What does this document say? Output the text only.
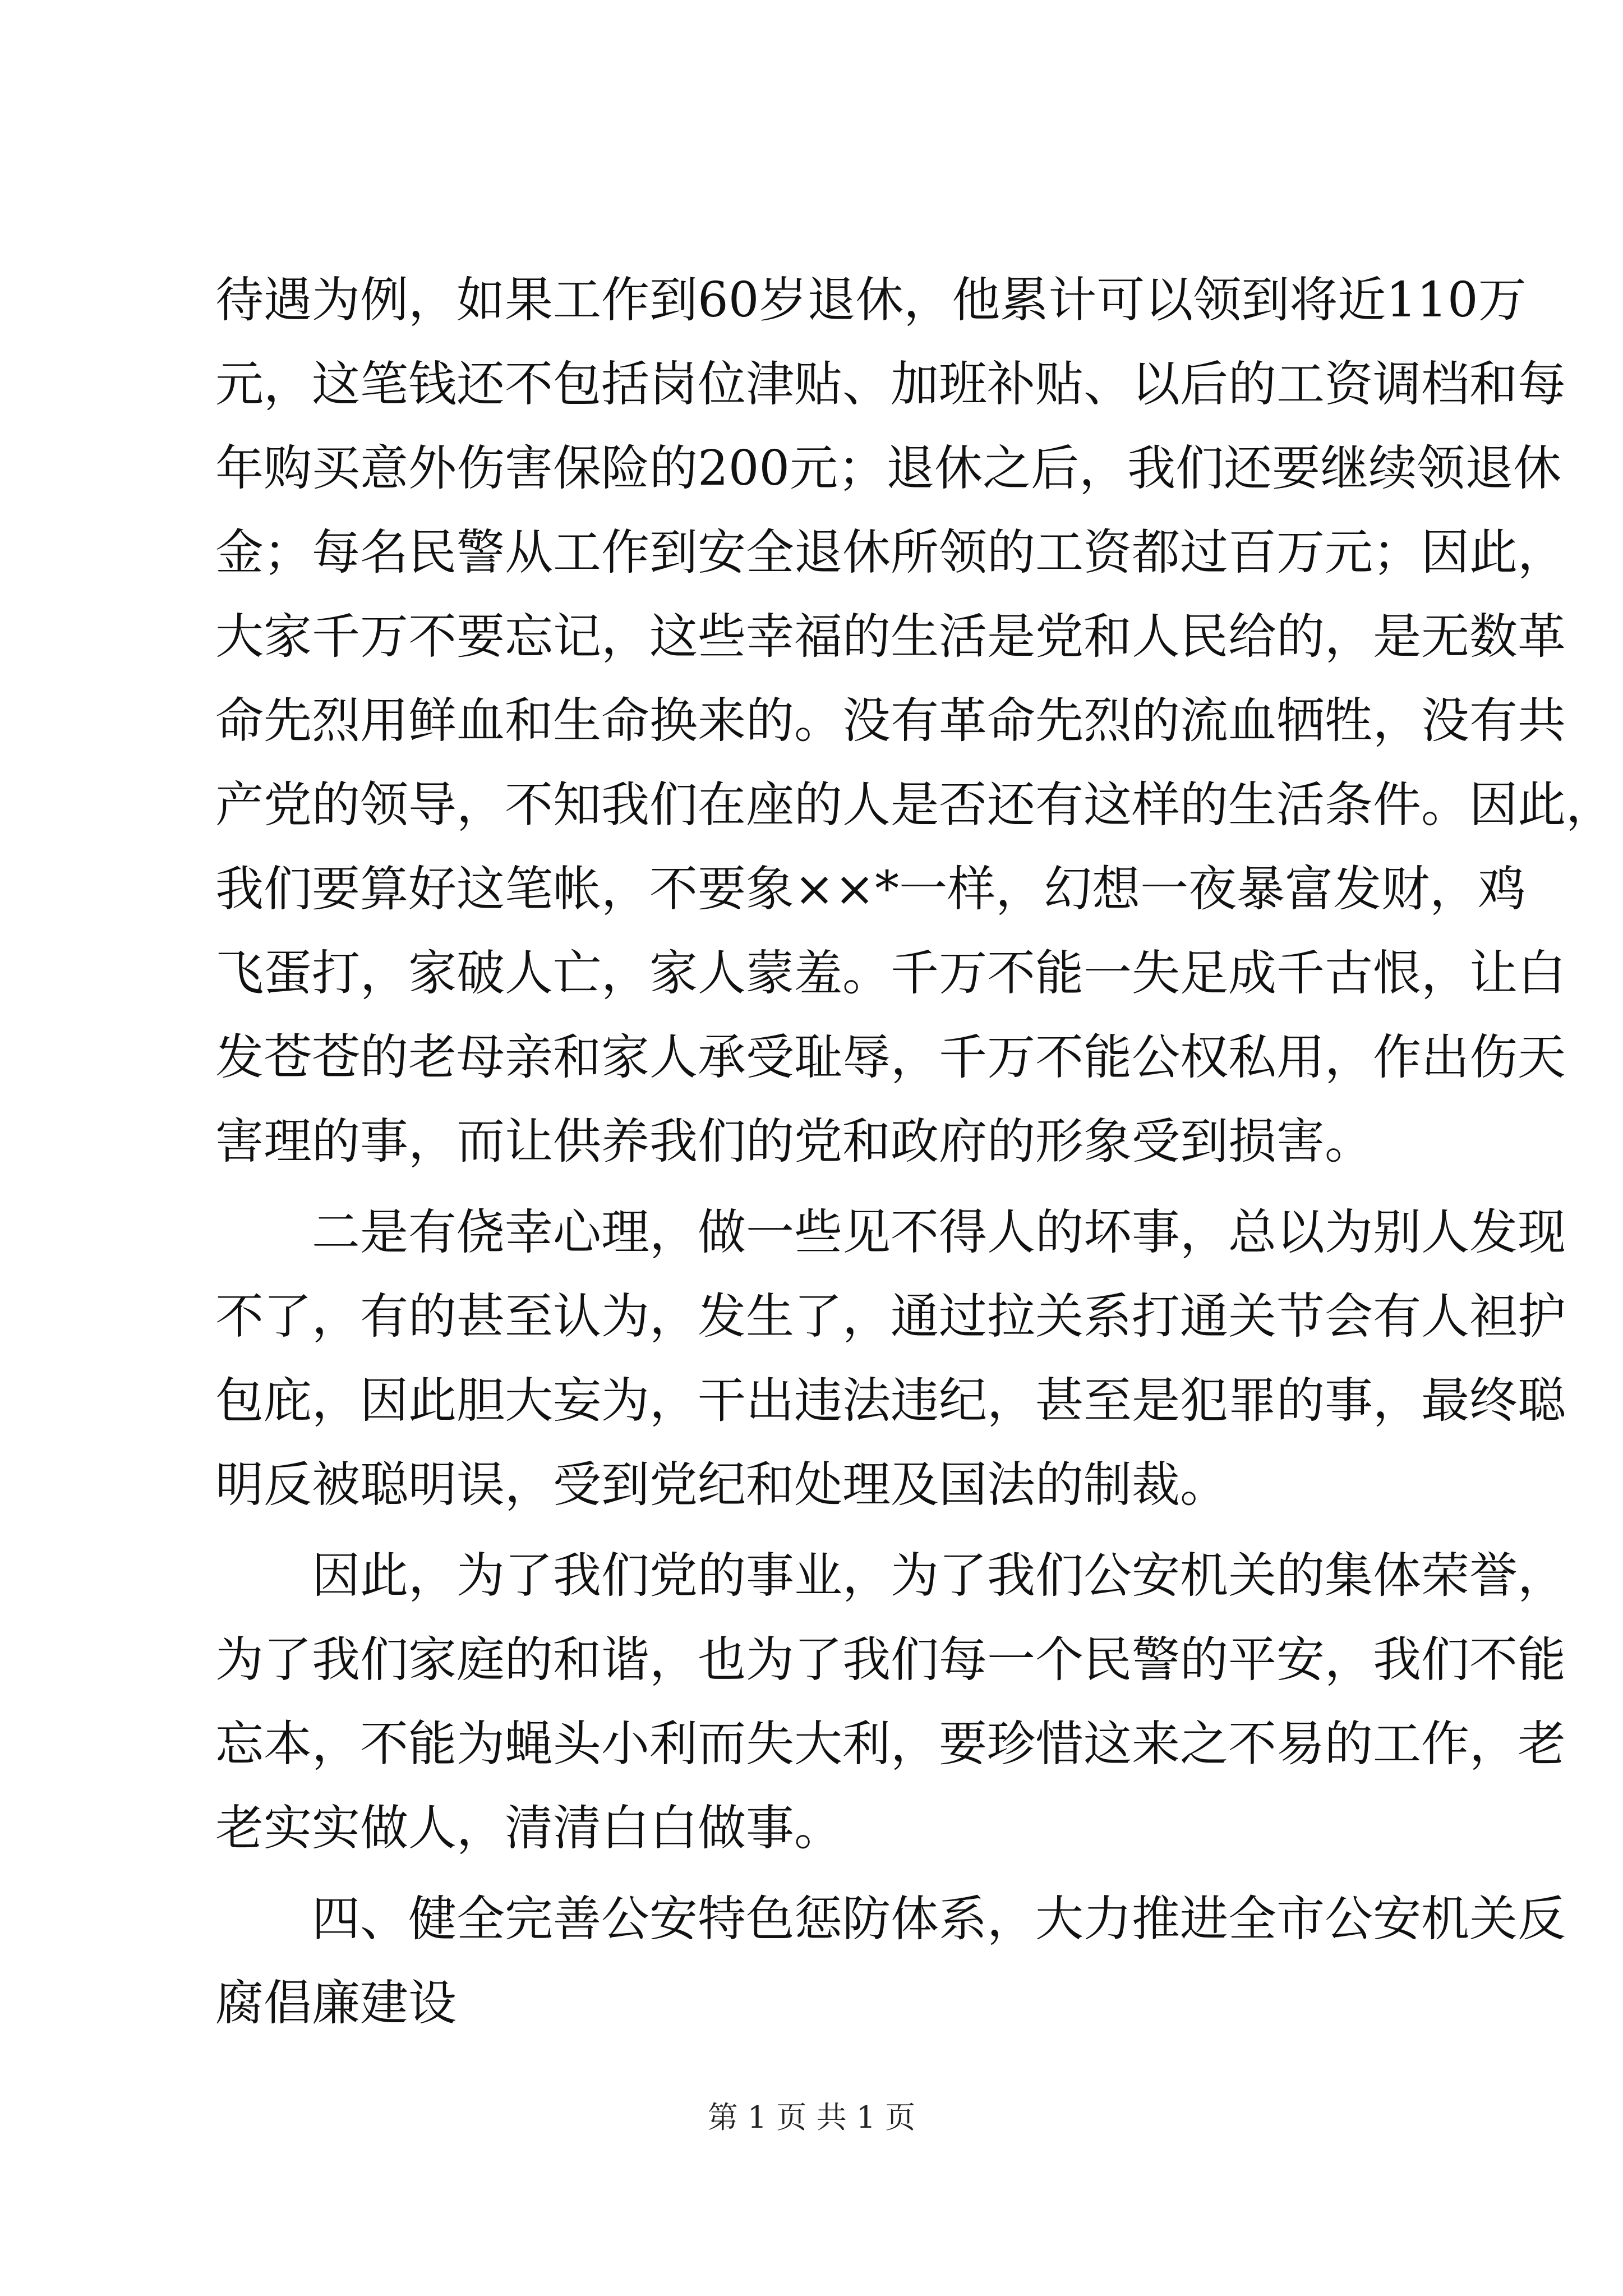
待遇为例，如果工作到60岁退休，他累计可以领到将近110万
元，这笔钱还不包括岗位津贴、加班补贴、以后的工资调档和每
年购买意外伤害保险的200元；退休之后，我们还要继续领退休
金；每名民警从工作到安全退休所领的工资都过百万元；因此，
大家千万不要忘记，这些幸福的生活是党和人民给的，是无数革
命先烈用鲜血和生命换来的。没有革命先烈的流血牺牲，没有共
产党的领导，不知我们在座的人是否还有这样的生活条件。因此，
我们要算好这笔帐，不要象××*一样，幻想一夜暴富发财，鸡
飞蛋打，家破人亡，家人蒙羞。千万不能一失足成千古恨，让白
发苍苍的老母亲和家人承受耻辱，千万不能公权私用，作出伤天
害理的事，而让供养我们的党和政府的形象受到损害。
二是有侥幸心理，做一些见不得人的坏事，总以为别人发现
不了，有的甚至认为，发生了，通过拉关系打通关节会有人袒护
包庇，因此胆大妄为，干出违法违纪，甚至是犯罪的事，最终聪
明反被聪明误，受到党纪和处理及国法的制裁。
因此，为了我们党的事业，为了我们公安机关的集体荣誉，
为了我们家庭的和谐，也为了我们每一个民警的平安，我们不能
忘本，不能为蝇头小利而失大利，要珍惜这来之不易的工作，老
老实实做人，清清白白做事。
四、健全完善公安特色惩防体系，大力推进全市公安机关反
腐倡廉建设
第 1 页 共 1 页
